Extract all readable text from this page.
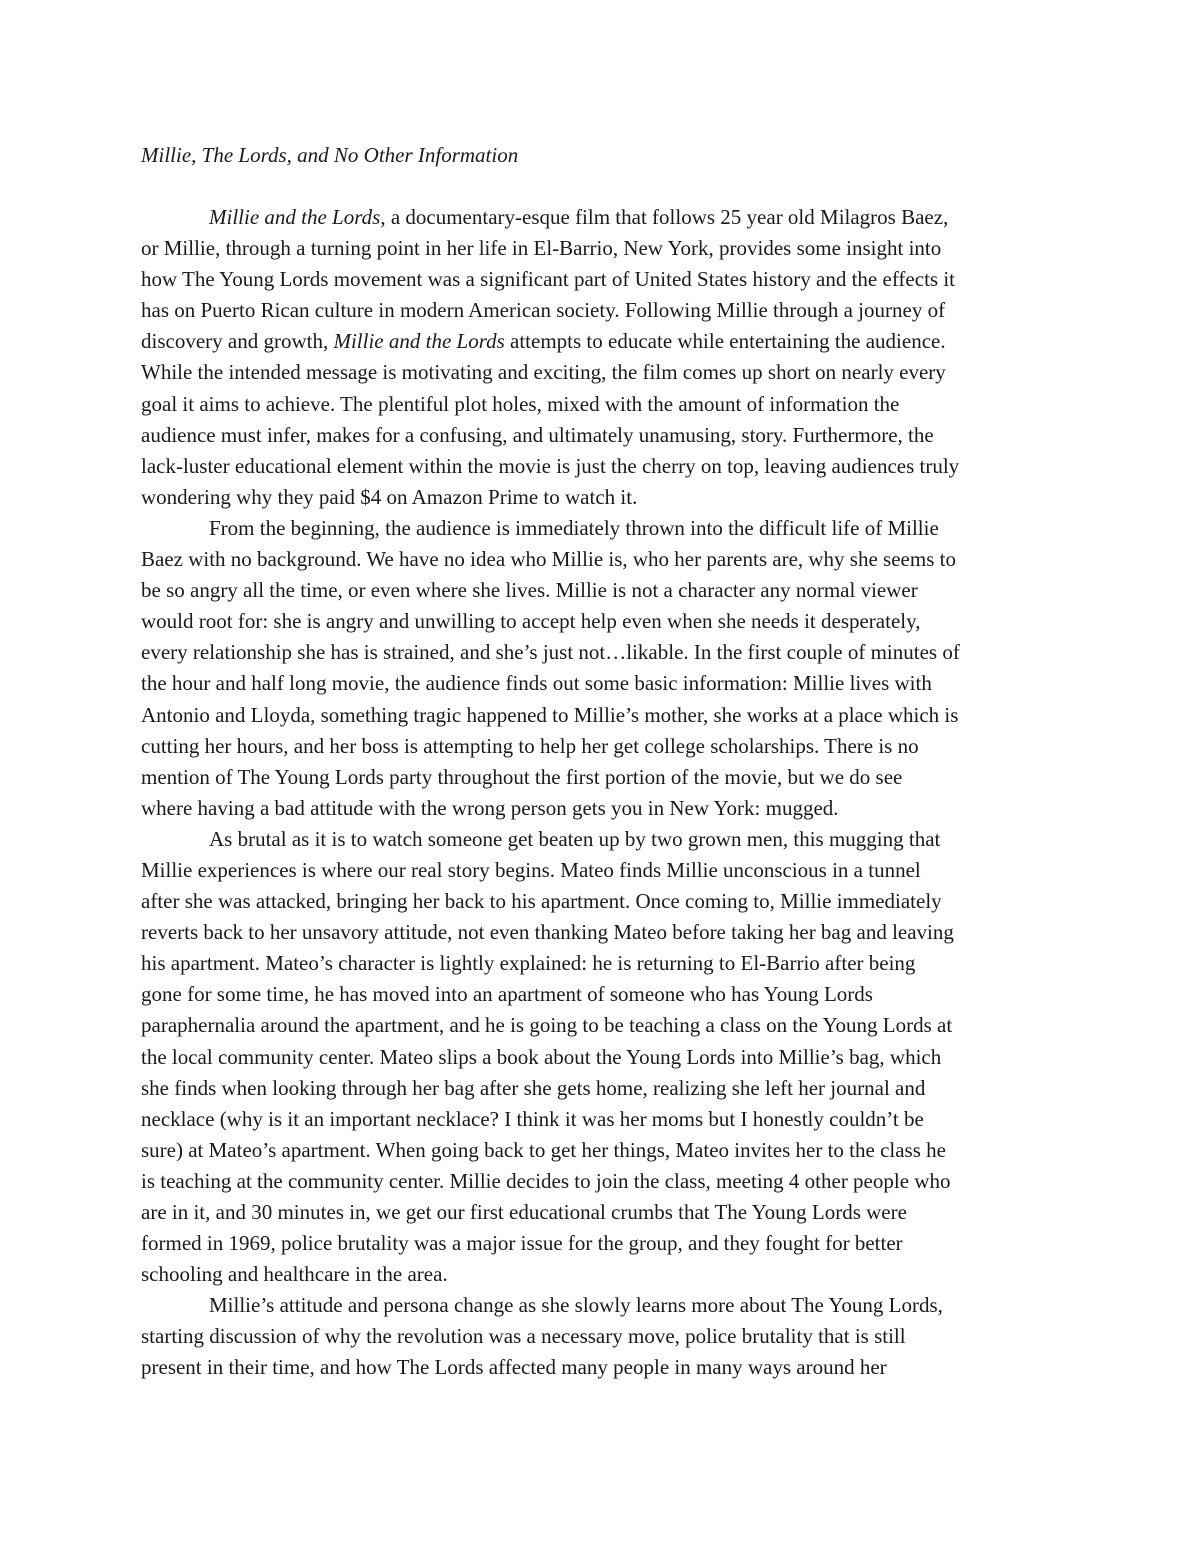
Millie, The Lords, and No Other Information
Millie and the Lords, a documentary-esque film that follows 25 year old Milagros Baez,
or Millie, through a turning point in her life in El-Barrio, New York, provides some insight into
how The Young Lords movement was a significant part of United States history and the effects it
has on Puerto Rican culture in modern American society. Following Millie through a journey of
discovery and growth, Millie and the Lords attempts to educate while entertaining the audience.
While the intended message is motivating and exciting, the film comes up short on nearly every
goal it aims to achieve. The plentiful plot holes, mixed with the amount of information the
audience must infer, makes for a confusing, and ultimately unamusing, story. Furthermore, the
lack-luster educational element within the movie is just the cherry on top, leaving audiences truly
wondering why they paid $4 on Amazon Prime to watch it.
From the beginning, the audience is immediately thrown into the difficult life of Millie
Baez with no background. We have no idea who Millie is, who her parents are, why she seems to
be so angry all the time, or even where she lives. Millie is not a character any normal viewer
would root for: she is angry and unwilling to accept help even when she needs it desperately,
every relationship she has is strained, and she’s just not…likable. In the first couple of minutes of
the hour and half long movie, the audience finds out some basic information: Millie lives with
Antonio and Lloyda, something tragic happened to Millie’s mother, she works at a place which is
cutting her hours, and her boss is attempting to help her get college scholarships. There is no
mention of The Young Lords party throughout the first portion of the movie, but we do see
where having a bad attitude with the wrong person gets you in New York: mugged.
As brutal as it is to watch someone get beaten up by two grown men, this mugging that
Millie experiences is where our real story begins. Mateo finds Millie unconscious in a tunnel
after she was attacked, bringing her back to his apartment. Once coming to, Millie immediately
reverts back to her unsavory attitude, not even thanking Mateo before taking her bag and leaving
his apartment. Mateo’s character is lightly explained: he is returning to El-Barrio after being
gone for some time, he has moved into an apartment of someone who has Young Lords
paraphernalia around the apartment, and he is going to be teaching a class on the Young Lords at
the local community center. Mateo slips a book about the Young Lords into Millie’s bag, which
she finds when looking through her bag after she gets home, realizing she left her journal and
necklace (why is it an important necklace? I think it was her moms but I honestly couldn’t be
sure) at Mateo’s apartment. When going back to get her things, Mateo invites her to the class he
is teaching at the community center. Millie decides to join the class, meeting 4 other people who
are in it, and 30 minutes in, we get our first educational crumbs that The Young Lords were
formed in 1969, police brutality was a major issue for the group, and they fought for better
schooling and healthcare in the area.
Millie’s attitude and persona change as she slowly learns more about The Young Lords,
starting discussion of why the revolution was a necessary move, police brutality that is still
present in their time, and how The Lords affected many people in many ways around her
